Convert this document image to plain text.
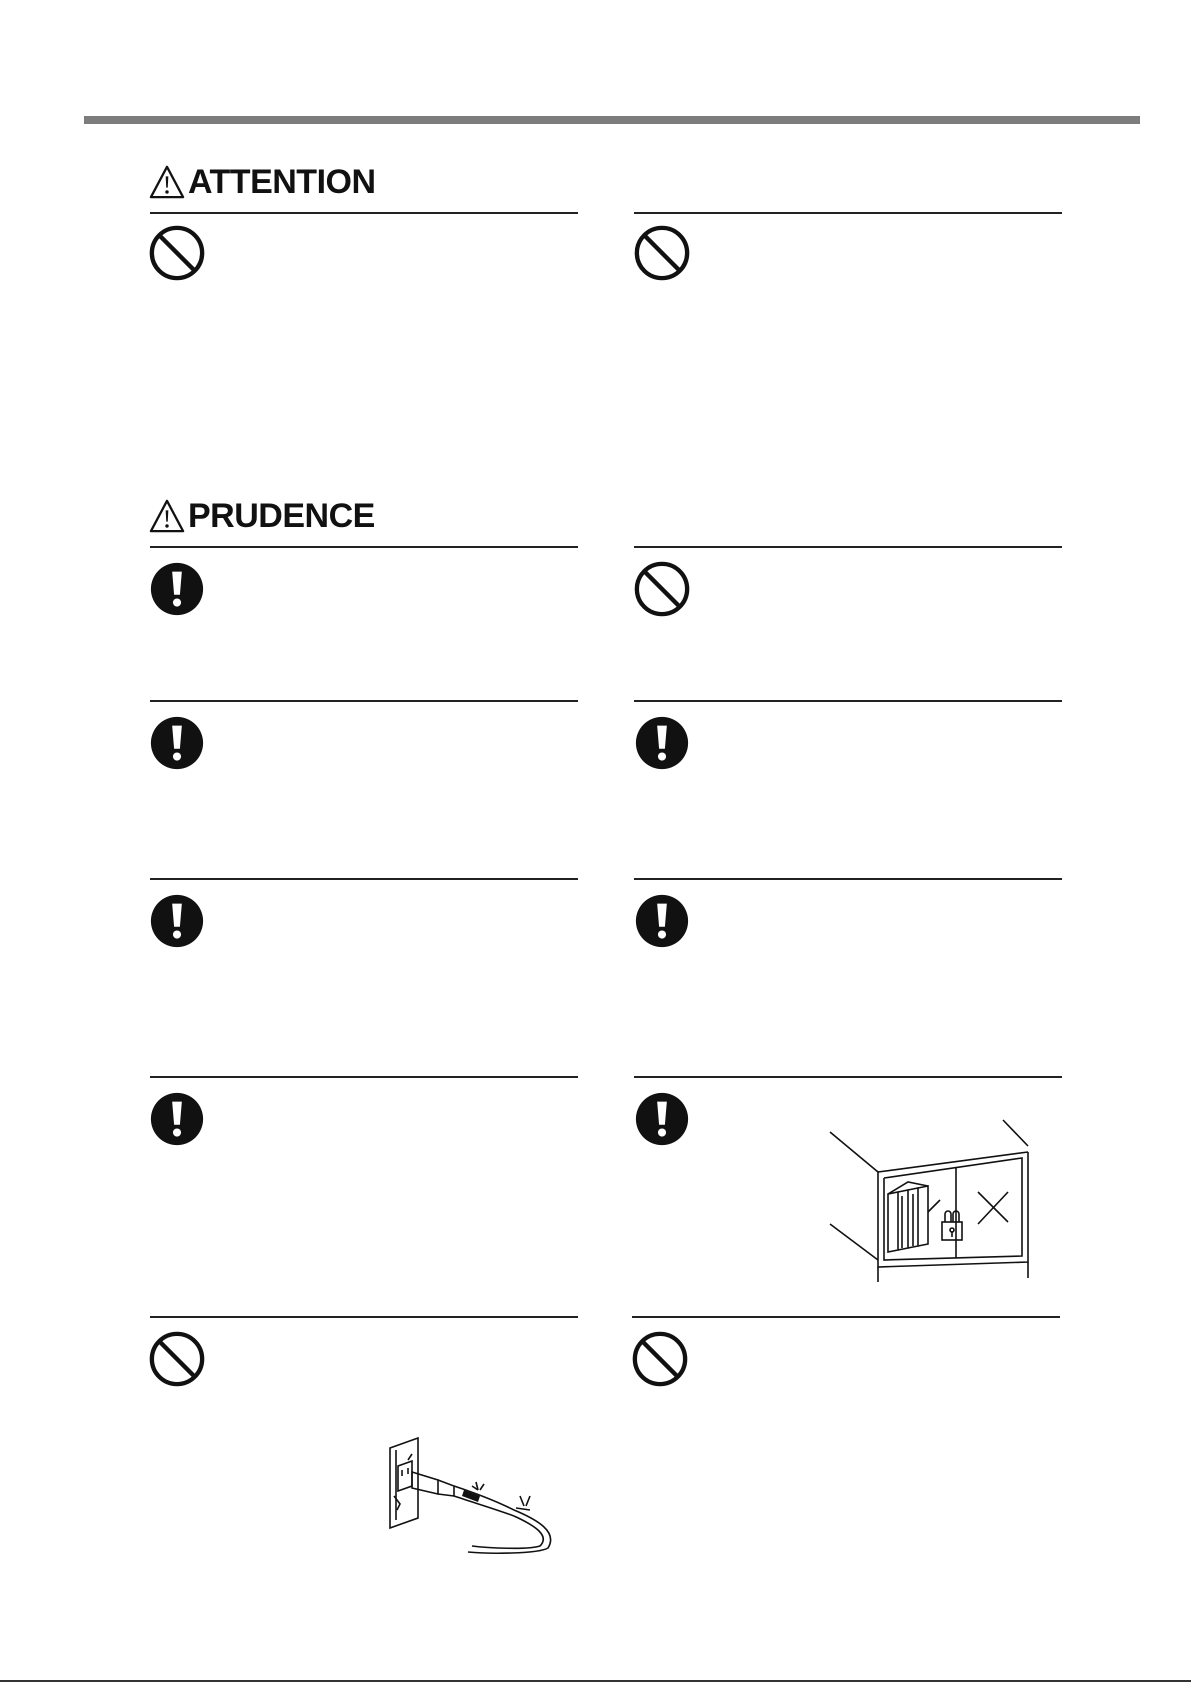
ATTENTION
PRUDENCE
